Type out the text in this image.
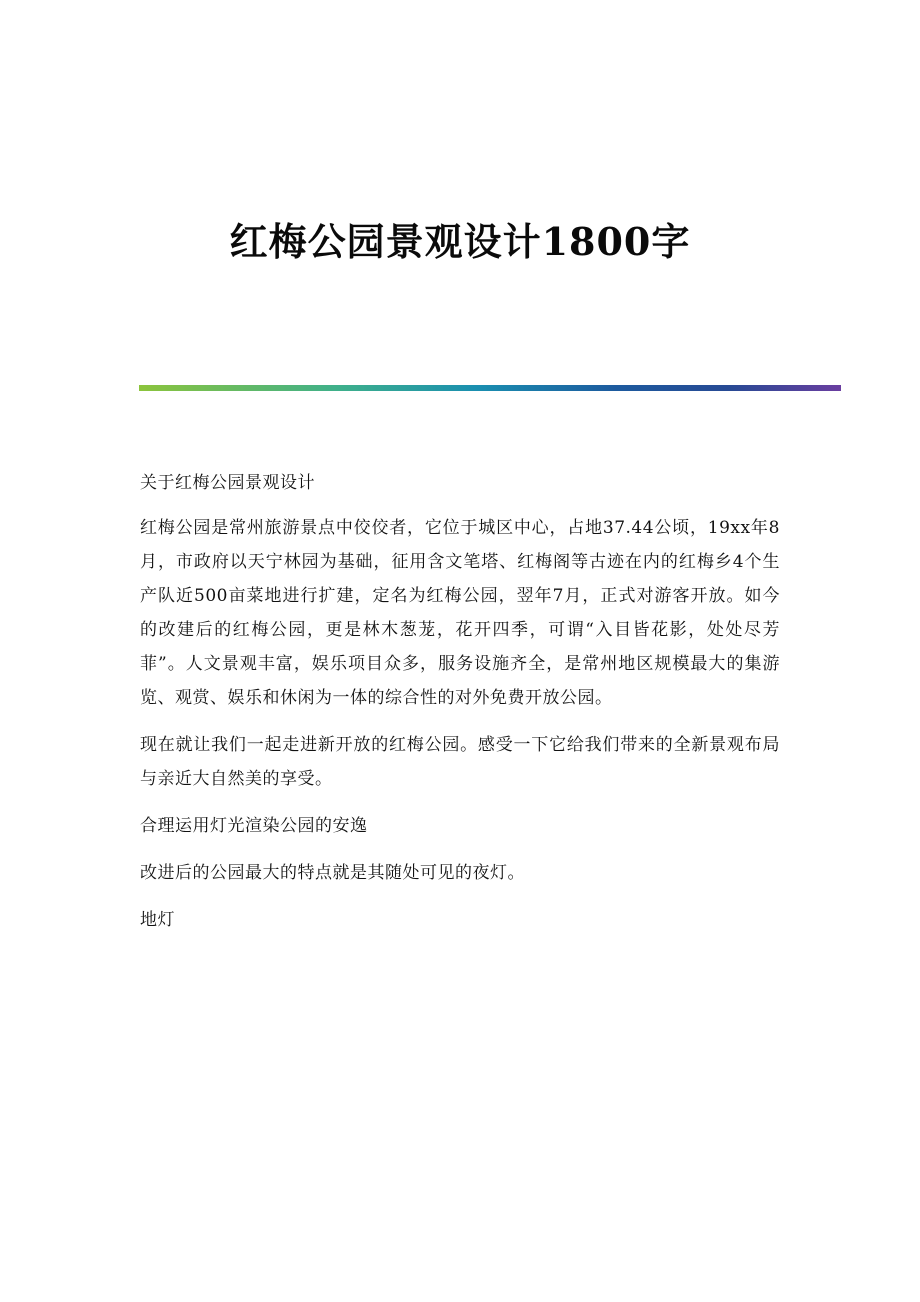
红梅公园景观设计1800字

关于红梅公园景观设计

红梅公园是常州旅游景点中佼佼者，它位于城区中心，占地37.44公顷，19xx年8月，市政府以天宁林园为基础，征用含文笔塔、红梅阁等古迹在内的红梅乡4个生产队近500亩菜地进行扩建，定名为红梅公园，翌年7月，正式对游客开放。如今的改建后的红梅公园，更是林木葱茏，花开四季，可谓“入目皆花影，处处尽芳菲”。人文景观丰富，娱乐项目众多，服务设施齐全，是常州地区规模最大的集游览、观赏、娱乐和休闲为一体的综合性的对外免费开放公园。

现在就让我们一起走进新开放的红梅公园。感受一下它给我们带来的全新景观布局与亲近大自然美的享受。

合理运用灯光渲染公园的安逸

改进后的公园最大的特点就是其随处可见的夜灯。

地灯
